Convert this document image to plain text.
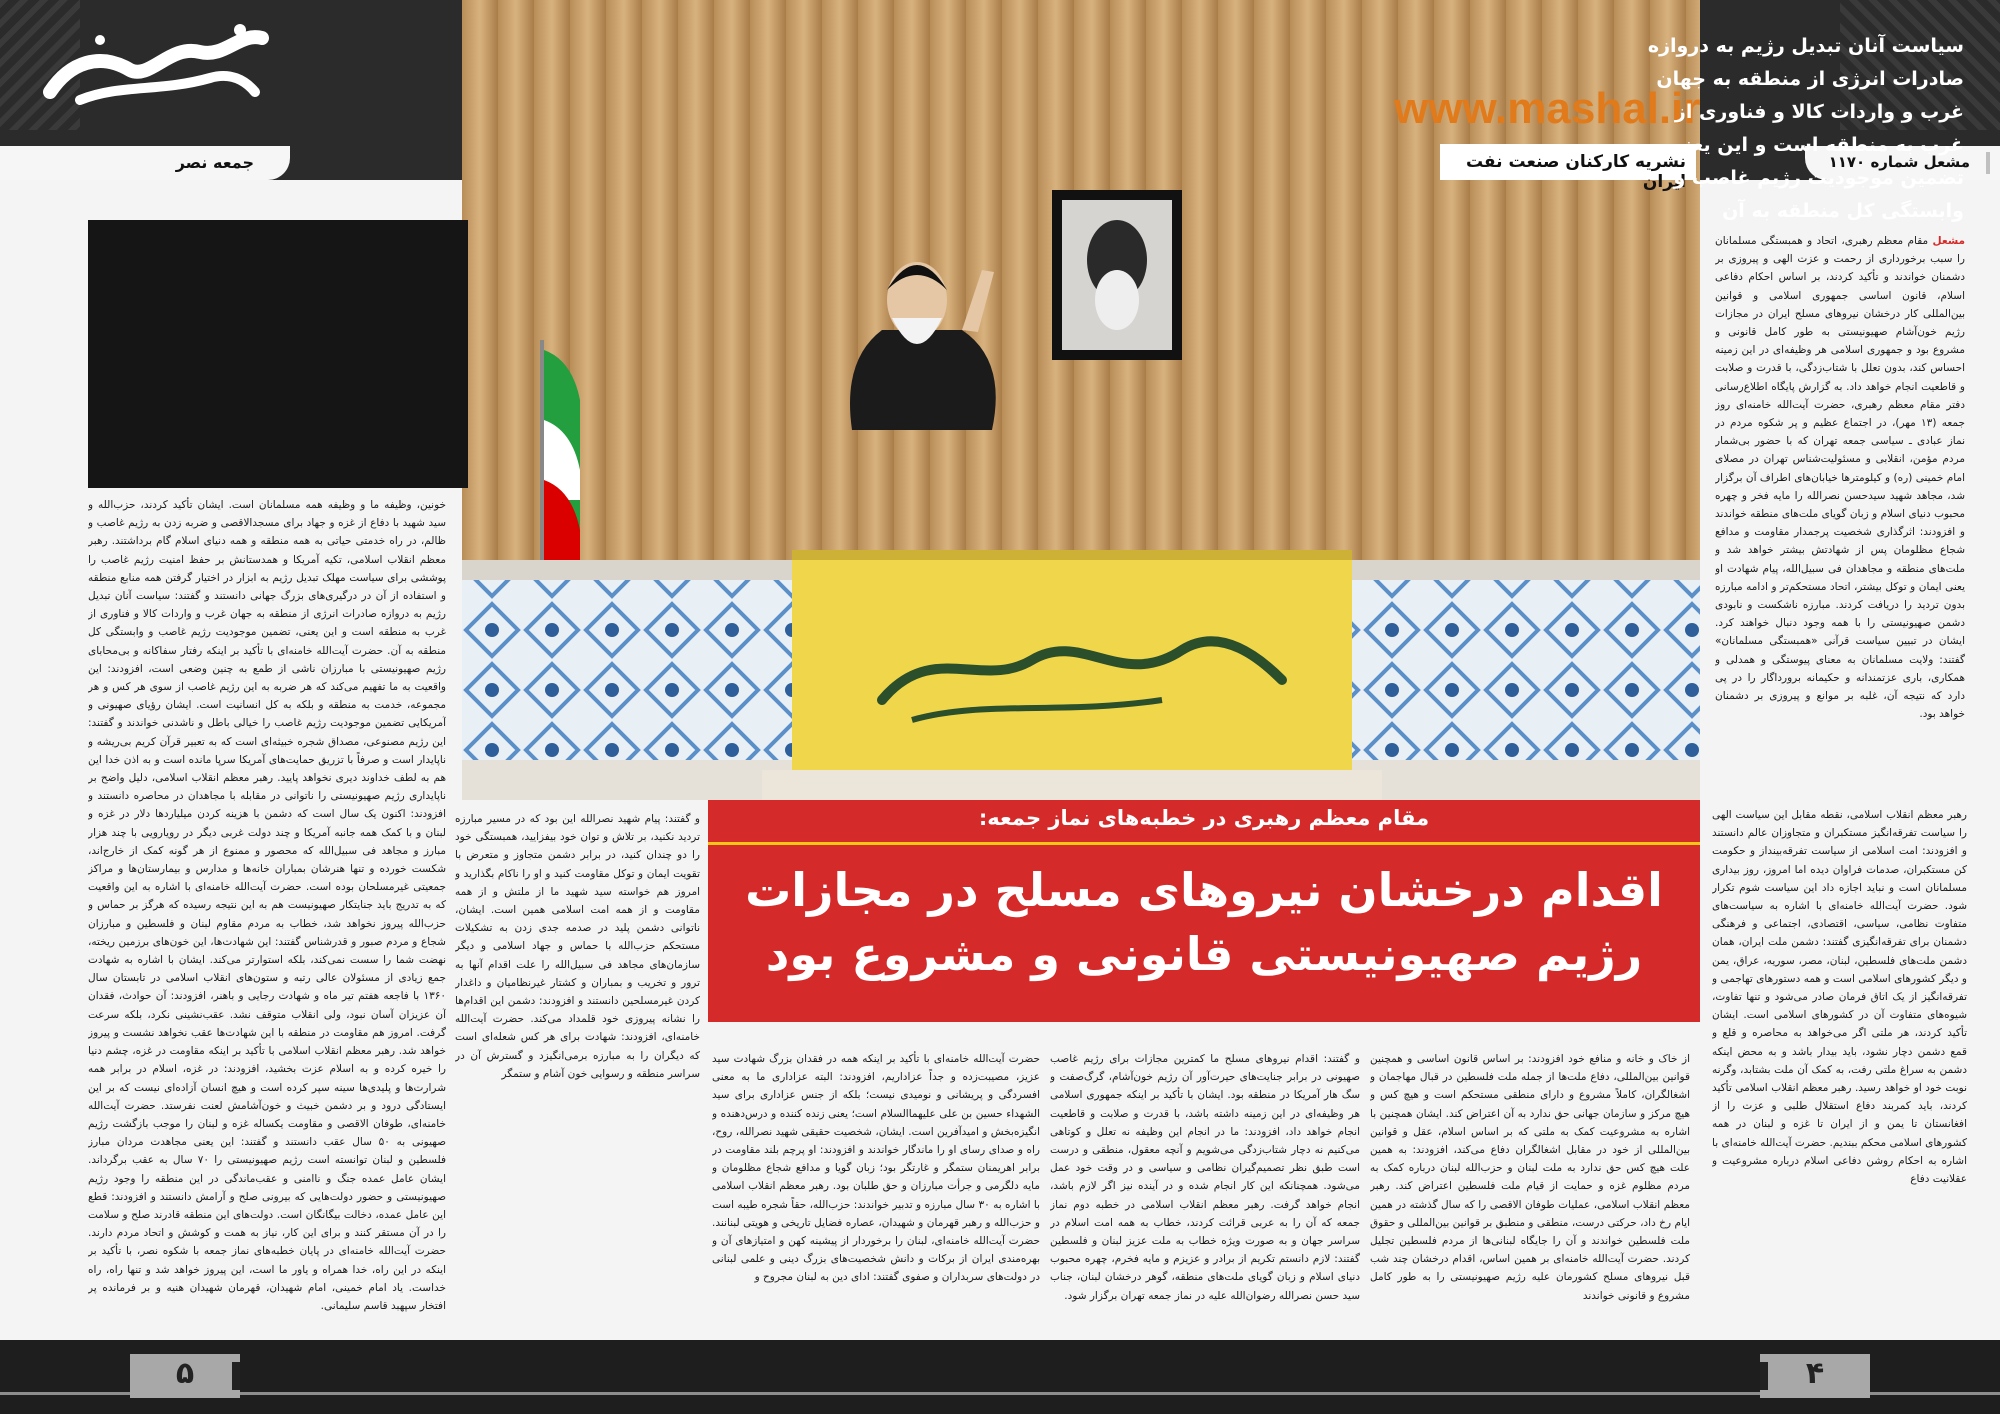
جمعه نصر	مشعل شماره ۱۱۷۰
www.mashal.ir
نشریه کارکنان صنعت نفت ایران
سیاست آنان تبدیل رژیم به دروازه صادرات انرژی از منطقه به جهان غرب و واردات کالا و فناوری از غرب به منطقه است و این یعنی، تضمین موجودیت رژیم غاصب و وابستگی کل منطقه به آن
مشعل مقام معظم رهبری، اتحاد و همبستگی مسلمانان را سبب برخورداری از رحمت و عزت الهی و پیروزی بر دشمنان خواندند و تأکید کردند، بر اساس احکام دفاعی اسلام، قانون اساسی جمهوری اسلامی و قوانین بین‌المللی کار درخشان نیروهای مسلح ایران در مجازات رژیم خون‌آشام صهیونیستی به طور کامل قانونی و مشروع بود و جمهوری اسلامی هر وظیفه‌ای در این زمینه احساس کند، بدون تعلل با شتاب‌زدگی، با قدرت و صلابت و قاطعیت انجام خواهد داد. به گزارش پایگاه اطلاع‌رسانی دفتر مقام معظم رهبری، حضرت آیت‌الله خامنه‌ای روز جمعه (۱۳ مهر)، در اجتماع عظیم و پر شکوه مردم در نماز عبادی ـ سیاسی جمعه تهران که با حضور بی‌شمار مردم مؤمن، انقلابی و مسئولیت‌شناس تهران در مصلای امام خمینی (ره) و کیلومترها خیابان‌های اطراف آن برگزار شد، مجاهد شهید سیدحسن نصرالله را مایه فخر و چهره محبوب دنیای اسلام و زبان گویای ملت‌های منطقه خواندند و افزودند: اثرگذاری شخصیت پرجمدار مقاومت و مدافع شجاع مظلومان پس از شهادتش بیشتر خواهد شد و ملت‌های منطقه و مجاهدان فی سبیل‌الله، پیام شهادت او یعنی ایمان و توکل بیشتر، اتحاد مستحکم‌تر و ادامه مبارزه بدون تردید را دریافت کردند. مبارزه ناشکست و نابودی دشمن صهیونیستی را با همه وجود دنبال خواهند کرد. ایشان در تبیین سیاست قرآنی «همبستگی مسلمانان» گفتند: ولایت مسلمانان به معنای پیوستگی و همدلی و همکاری، باری عزتمندانه و حکیمانه برورداگار را در پی دارد که نتیجه آن، غلبه بر موانع و پیروزی بر دشمنان خواهد بود.
مقام معظم رهبری در خطبه‌های نماز جمعه:
اقدام درخشان نیروهای مسلح در مجازات
رژیم صهیونیستی قانونی و مشروع بود
رهبر معظم انقلاب اسلامی، نقطه مقابل این سیاست الهی را سیاست تفرقه‌انگیز مستکبران و متجاوزان عالم دانستند و افزودند: امت اسلامی از سیاست تفرقه‌بینداز و حکومت کن مستکبران، صدمات فراوان دیده اما امروز، روز بیداری مسلمانان است و نباید اجازه داد این سیاست شوم تکرار شود. حضرت آیت‌الله خامنه‌ای با اشاره به سیاست‌های متفاوت نظامی، سیاسی، اقتصادی، اجتماعی و فرهنگی دشمنان برای تفرقه‌انگیزی گفتند: دشمن ملت ایران، همان دشمن ملت‌های فلسطین، لبنان، مصر، سوریه، عراق، یمن و دیگر کشورهای اسلامی است و همه دستورهای تهاجمی و تفرقه‌انگیز از یک اتاق فرمان صادر می‌شود و تنها تفاوت، شیوه‌های متفاوت آن در کشورهای اسلامی است. ایشان تأکید کردند، هر ملتی اگر می‌خواهد به محاصره و قلع و قمع دشمن دچار نشود، باید بیدار باشد و به محض اینکه دشمن به سراغ ملتی رفت، به کمک آن ملت بشتابد، وگرنه نوبت خود او خواهد رسید. رهبر معظم انقلاب اسلامی تأکید کردند، باید کمربند دفاع استقلال طلبی و عزت را از افغانستان تا یمن و از ایران تا غزه و لبنان در همه کشورهای اسلامی محکم ببندیم. حضرت آیت‌الله خامنه‌ای با اشاره به احکام روشن دفاعی اسلام درباره مشروعیت و عقلانیت دفاع
از خاک و خانه و منافع خود افزودند: بر اساس قانون اساسی و همچنین قوانین بین‌المللی، دفاع ملت‌ها از جمله ملت فلسطین در قبال مهاجمان و اشغالگران، کاملاً مشروع و دارای منطقی مستحکم است و هیچ کس و هیچ مرکز و سازمان جهانی حق ندارد به آن اعتراض کند. ایشان همچنین با اشاره به مشروعیت کمک به ملتی که بر اساس اسلام، عقل و قوانین بین‌المللی از خود در مقابل اشغالگران دفاع می‌کند، افزودند: به همین علت هیچ کس حق ندارد به ملت لبنان و حزب‌الله لبنان درباره کمک به مردم مظلوم غزه و حمایت از قیام ملت فلسطین اعتراض کند. رهبر معظم انقلاب اسلامی، عملیات طوفان الاقصی را که سال گذشته در همین ایام رخ داد، حرکتی درست، منطقی و منطبق بر قوانین بین‌المللی و حقوق ملت فلسطین خواندند و آن را جایگاه لبنانی‌ها از مردم فلسطین تجلیل کردند. حضرت آیت‌الله خامنه‌ای بر همین اساس، اقدام درخشان چند شب قبل نیروهای مسلح کشورمان علیه رژیم صهیونیستی را به طور کامل مشروع و قانونی خواندند
و گفتند: اقدام نیروهای مسلح ما کمترین مجازات برای رژیم غاصب صهیونی در برابر جنایت‌های حیرت‌آور آن رژیم خون‌آشام، گرگ‌صفت و سگ هار آمریکا در منطقه بود. ایشان با تأکید بر اینکه جمهوری اسلامی هر وظیفه‌ای در این زمینه داشته باشد، با قدرت و صلابت و قاطعیت انجام خواهد داد، افزودند: ما در انجام این وظیفه نه تعلل و کوتاهی می‌کنیم نه دچار شتاب‌زدگی می‌شویم و آنچه معقول، منطقی و درست است طبق نظر تصمیم‌گیران نظامی و سیاسی و در وقت خود عمل می‌شود. همچنانکه این کار انجام شده و در آینده نیز اگر لازم باشد، انجام خواهد گرفت. رهبر معظم انقلاب اسلامی در خطبه دوم نماز جمعه که آن را به عربی قرائت کردند، خطاب به همه امت اسلام در سراسر جهان و به صورت ویژه خطاب به ملت عزیز لبنان و فلسطین گفتند: لازم دانستم تکریم از برادر و عزیزم و مایه فخرم، چهره محبوب دنیای اسلام و زبان گویای ملت‌های منطقه، گوهر درخشان لبنان، جناب سید حسن نصرالله رضوان‌الله علیه در نماز جمعه تهران برگزار شود.
حضرت آیت‌الله خامنه‌ای با تأکید بر اینکه همه در فقدان بزرگ شهادت سید عزیز، مصیبت‌زده و جداً عزاداریم، افزودند: البته عزاداری ما به معنی افسردگی و پریشانی و نومیدی نیست؛ بلکه از جنس عزاداری برای سید الشهداء حسین بن علی علیهما‌السلام است؛ یعنی زنده کننده و درس‌دهنده و انگیزه‌بخش و امیدآفرین است. ایشان، شخصیت حقیقی شهید نصرالله، روح، راه و صدای رسای او را ماندگار خواندند و افزودند: او پرچم بلند مقاومت در برابر اهریمنان ستمگر و غارتگر بود؛ زبان گویا و مدافع شجاع مظلومان و مایه دلگرمی و جرأت مبارزان و حق طلبان بود. رهبر معظم انقلاب اسلامی با اشاره به ۳۰ سال مبارزه و تدبیر خواندند: حزب‌الله، حقاً شجره طیبه است و حزب‌الله و رهبر قهرمان و شهیدان، عصاره فضایل تاریخی و هویتی لبنانند. حضرت آیت‌الله خامنه‌ای، لبنان را برخوردار از پیشینه کهن و امتیازهای آن و بهره‌مندی ایران از برکات و دانش شخصیت‌های بزرگ دینی و علمی لبنانی در دولت‌های سربداران و صفوی گفتند: ادای دین به لبنان مجروح و
و گفتند: پیام شهید نصرالله این بود که در مسیر مبارزه تردید نکنید، بر تلاش و توان خود بیفزایید، همبستگی خود را دو چندان کنید، در برابر دشمن متجاوز و متعرض با تقویت ایمان و توکل مقاومت کنید و او را ناکام بگذارید و امروز هم خواسته سید شهید ما از ملتش و از همه مقاومت و از همه امت اسلامی همین است. ایشان، ناتوانی دشمن پلید در صدمه جدی زدن به تشکیلات مستحکم حزب‌الله با حماس و جهاد اسلامی و دیگر سازمان‌های مجاهد فی سبیل‌الله را علت اقدام آنها به ترور و تخریب و بمباران و کشتار غیرنظامیان و داغدار کردن غیرمسلحین دانستند و افزودند: دشمن این اقدام‌ها را نشانه پیروزی خود قلمداد می‌کند. حضرت آیت‌الله خامنه‌ای، افزودند: شهادت برای هر کس شعله‌ای است که دیگران را به مبارزه برمی‌انگیزد و گسترش آن در سراسر منطقه و رسوایی خون آشام و ستمگر
خونین، وظیفه ما و وظیفه همه مسلمانان است. ایشان تأکید کردند، حزب‌الله و سید شهید با دفاع از غزه و جهاد برای مسجدالاقصی و ضربه زدن به رژیم غاصب و ظالم، در راه خدمتی حیاتی به همه منطقه و همه دنیای اسلام گام برداشتند. رهبر معظم انقلاب اسلامی، تکیه آمریکا و همدستانش بر حفظ امنیت رژیم غاصب را پوششی برای سیاست مهلک تبدیل رژیم به ابزار در اختیار گرفتن همه منابع منطقه و استفاده از آن در درگیری‌های بزرگ جهانی دانستند و گفتند: سیاست آنان تبدیل رژیم به دروازه صادرات انرژی از منطقه به جهان غرب و واردات کالا و فناوری از غرب به منطقه است و این یعنی، تضمین موجودیت رژیم غاصب و وابستگی کل منطقه به آن. حضرت آیت‌الله خامنه‌ای با تأکید بر اینکه رفتار سفاکانه و بی‌محابای رژیم صهیونیستی با مبارزان ناشی از طمع به چنین وضعی است، افزودند: این واقعیت به ما تفهیم می‌کند که هر ضربه به این رژیم غاصب از سوی هر کس و هر مجموعه، خدمت به منطقه و بلکه به کل انسانیت است. ایشان رؤیای صهیونی و آمریکایی تضمین موجودیت رژیم غاصب را خیالی باطل و ناشدنی خواندند و گفتند: این رژیم مصنوعی، مصداق شجره خبیثه‌ای است که به تعبیر قرآن کریم بی‌ریشه و ناپایدار است و صرفاً با تزریق حمایت‌های آمریکا سرپا مانده است و به اذن خدا این هم به لطف خداوند دیری نخواهد پایید. رهبر معظم انقلاب اسلامی، دلیل واضح بر ناپایداری رژیم صهیونیستی را ناتوانی در مقابله با مجاهدان در محاصره دانستند و افزودند: اکنون یک سال است که دشمن با هزینه کردن میلیاردها دلار در غزه و لبنان و با کمک همه جانبه آمریکا و چند دولت غربی دیگر در رویارویی با چند هزار مبارز و مجاهد فی سبیل‌الله که محصور و ممنوع از هر گونه کمک از خارج‌اند، شکست خورده و تنها هنرشان بمباران خانه‌ها و مدارس و بیمارستان‌ها و مراکز جمعیتی غیرمسلحان بوده است. حضرت آیت‌الله خامنه‌ای با اشاره به این واقعیت که به تدریج باید جنایتکار صهیونیست هم به این نتیجه رسیده که هرگز بر حماس و حزب‌الله پیروز نخواهد شد، خطاب به مردم مقاوم لبنان و فلسطین و مبارزان شجاع و مردم صبور و قدرشناس گفتند: این شهادت‌ها، این خون‌های برزمین ریخته، نهضت شما را سست نمی‌کند، بلکه استوارتر می‌کند. ایشان با اشاره به شهادت جمع زیادی از مسئولان عالی رتبه و ستون‌های انقلاب اسلامی در تابستان سال ۱۳۶۰ با فاجعه هفتم تیر ماه و شهادت رجایی و باهنر، افزودند: آن حوادث، فقدان آن عزیزان آسان نبود، ولی انقلاب متوقف نشد. عقب‌نشینی نکرد، بلکه سرعت گرفت. امروز هم مقاومت در منطقه با این شهادت‌ها عقب نخواهد نشست و پیروز خواهد شد. رهبر معظم انقلاب اسلامی با تأکید بر اینکه مقاومت در غزه، چشم دنیا را خیره کرده و به اسلام عزت بخشید، افزودند: در غزه، اسلام در برابر همه شرارت‌ها و پلیدی‌ها سینه سپر کرده است و هیچ انسان آزاده‌ای نیست که بر این ایستادگی درود و بر دشمن خبیث و خون‌آشامش لعنت نفرستد. حضرت آیت‌الله خامنه‌ای، طوفان الاقصی و مقاومت یکساله غزه و لبنان را موجب بازگشت رژیم صهیونی به ۵۰ سال عقب دانستند و گفتند: این یعنی مجاهدت مردان مبارز فلسطین و لبنان توانسته است رژیم صهیونیستی را ۷۰ سال به عقب برگرداند. ایشان عامل عمده جنگ و ناامنی و عقب‌ماندگی در این منطقه را وجود رژیم صهیونیستی و حضور دولت‌هایی که بیرونی صلح و آرامش دانستند و افزودند: قطع این عامل عمده، دخالت بیگانگان است. دولت‌های این منطقه قادرند صلح و سلامت را در آن مستقر کنند و برای این کار، نیاز به همت و کوشش و اتحاد مردم دارند. حضرت آیت‌الله خامنه‌ای در پایان خطبه‌های نماز جمعه با شکوه نصر، با تأکید بر اینکه در این راه، خدا همراه و یاور ما است، این پیروز خواهد شد و تنها راه، راه خداست. یاد امام خمینی، امام شهیدان، قهرمان شهیدان هنیه و بر فرمانده پر افتخار سپهبد قاسم سلیمانی.
۵	۴
